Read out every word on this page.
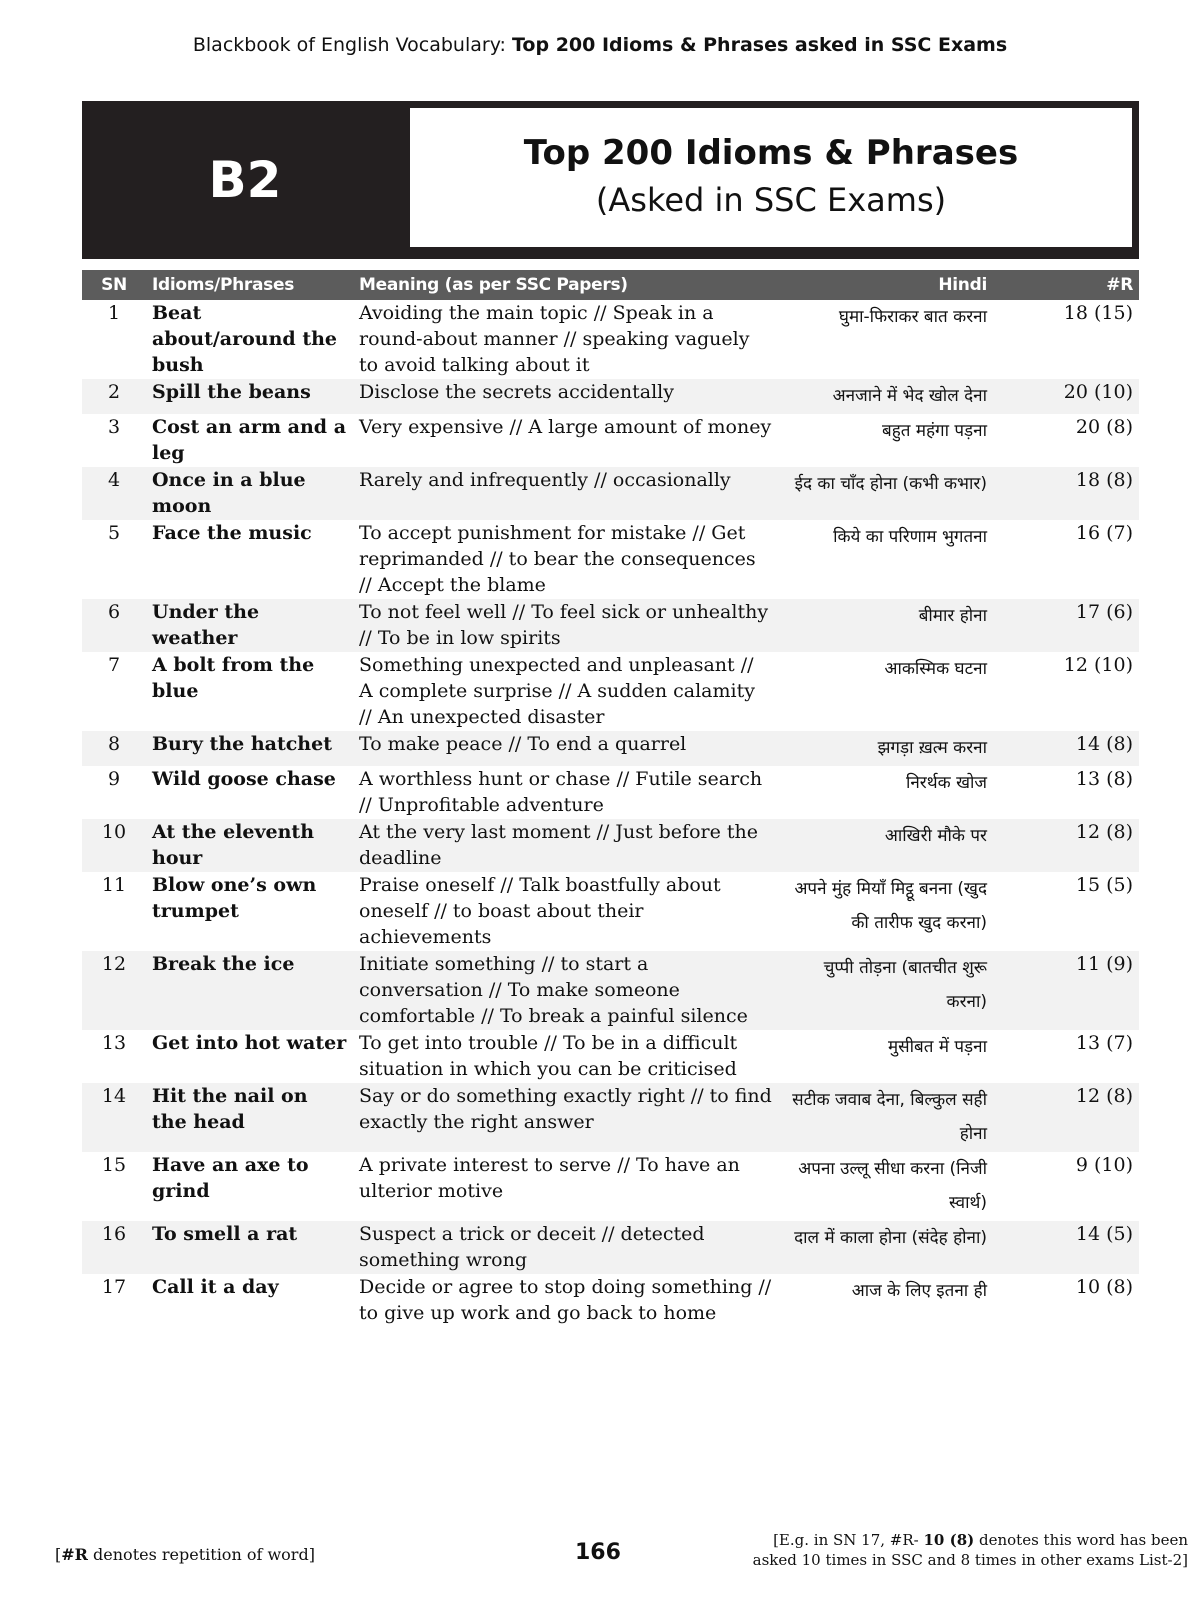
Blackbook of English Vocabulary: Top 200 Idioms & Phrases asked in SSC Exams
B2	Top 200 Idioms & Phrases
(Asked in SSC Exams)
SN	Idioms/Phrases	Meaning (as per SSC Papers)	Hindi	#R
1	Beat about/around the bush	Avoiding the main topic // Speak in a round-about manner // speaking vaguely to avoid talking about it	घुमा-फिराकर बात करना	18 (15)
2	Spill the beans	Disclose the secrets accidentally	अनजाने में भेद खोल देना	20 (10)
3	Cost an arm and a leg	Very expensive // A large amount of money	बहुत महंगा पड़ना	20 (8)
4	Once in a blue moon	Rarely and infrequently // occasionally	ईद का चाँद होना (कभी कभार)	18 (8)
5	Face the music	To accept punishment for mistake // Get reprimanded // to bear the consequences // Accept the blame	किये का परिणाम भुगतना	16 (7)
6	Under the weather	To not feel well // To feel sick or unhealthy // To be in low spirits	बीमार होना	17 (6)
7	A bolt from the blue	Something unexpected and unpleasant // A complete surprise // A sudden calamity // An unexpected disaster	आकस्मिक घटना	12 (10)
8	Bury the hatchet	To make peace // To end a quarrel	झगड़ा ख़त्म करना	14 (8)
9	Wild goose chase	A worthless hunt or chase // Futile search // Unprofitable adventure	निरर्थक खोज	13 (8)
10	At the eleventh hour	At the very last moment // Just before the deadline	आखिरी मौके पर	12 (8)
11	Blow one’s own trumpet	Praise oneself // Talk boastfully about oneself // to boast about their achievements	अपने मुंह मियाँ मिट्ठू बनना (खुद की तारीफ खुद करना)	15 (5)
12	Break the ice	Initiate something // to start a conversation // To make someone comfortable // To break a painful silence	चुप्पी तोड़ना (बातचीत शुरू करना)	11 (9)
13	Get into hot water	To get into trouble // To be in a difficult situation in which you can be criticised	मुसीबत में पड़ना	13 (7)
14	Hit the nail on the head	Say or do something exactly right // to find exactly the right answer	सटीक जवाब देना, बिल्कुल सही होना	12 (8)
15	Have an axe to grind	A private interest to serve // To have an ulterior motive	अपना उल्लू सीधा करना (निजी स्वार्थ)	9 (10)
16	To smell a rat	Suspect a trick or deceit // detected something wrong	दाल में काला होना (संदेह होना)	14 (5)
17	Call it a day	Decide or agree to stop doing something // to give up work and go back to home	आज के लिए इतना ही	10 (8)
[#R denotes repetition of word]	166	[E.g. in SN 17, #R- 10 (8) denotes this word has been
asked 10 times in SSC and 8 times in other exams List-2]
